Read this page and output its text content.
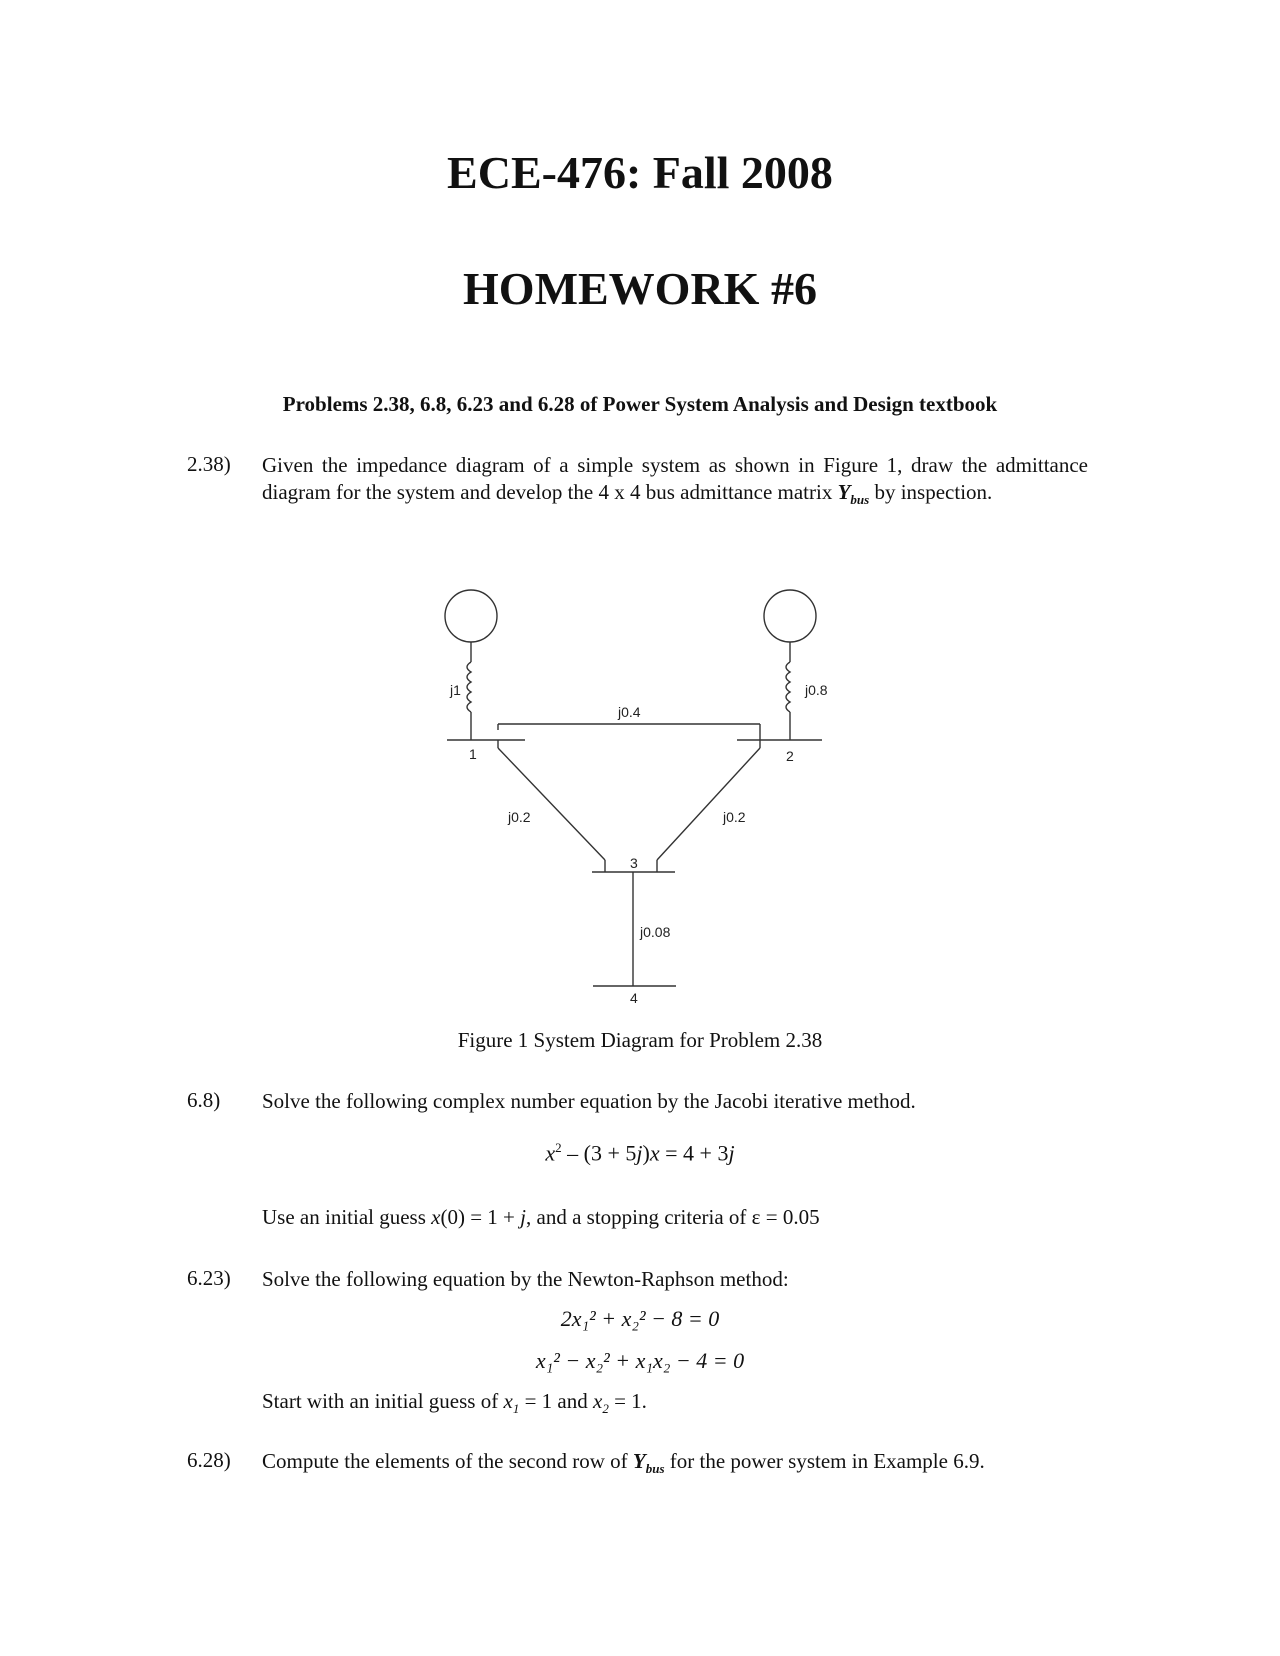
ECE-476: Fall 2008
HOMEWORK #6
Problems 2.38, 6.8, 6.23 and 6.28 of Power System Analysis and Design textbook
2.38) Given the impedance diagram of a simple system as shown in Figure 1, draw the admittance diagram for the system and develop the 4 x 4 bus admittance matrix $Y_{bus}$ by inspection.
j1	j0.8
j0.4
j0.2	j0.2
j0.08
1	2
3
4
Figure 1 System Diagram for Problem 2.38
6.8) Solve the following complex number equation by the Jacobi iterative method.
$x^2 - (3 + 5j)x = 4 + 3j$
Use an initial guess x(0) = 1 + j, and a stopping criteria of ε = 0.05
6.23) Solve the following equation by the Newton-Raphson method:
2x₁² + x₂² − 8 = 0
x₁² − x₂² + x₁x₂ − 4 = 0
Start with an initial guess of $x_1 = 1$ and $x_2 = 1$.
6.28) Compute the elements of the second row of $Y_{bus}$ for the power system in Example 6.9.
